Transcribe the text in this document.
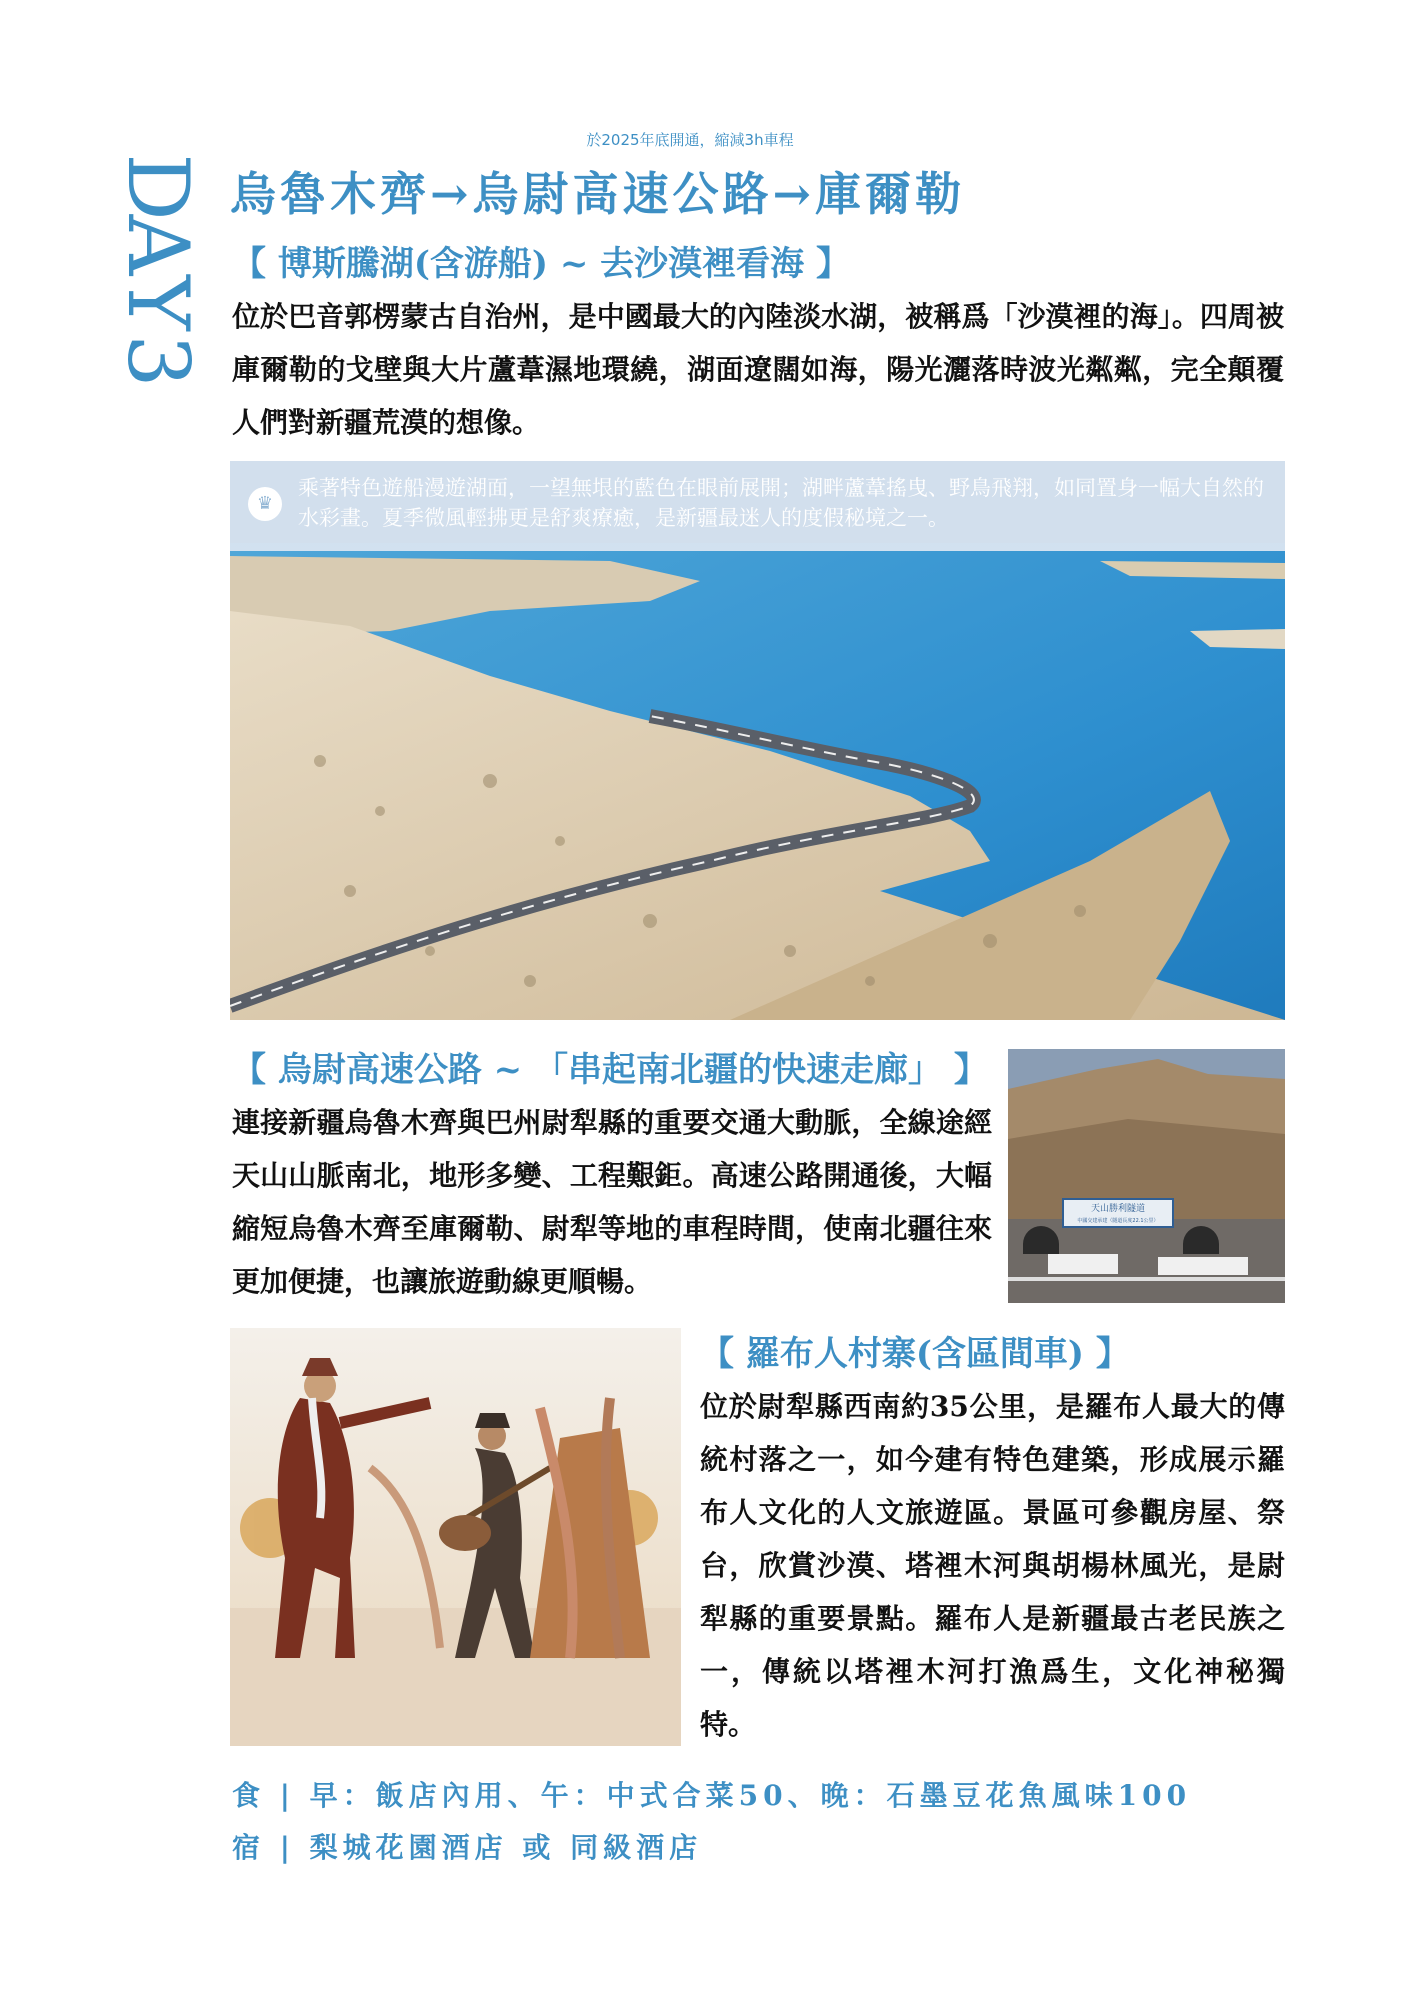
於2025年底開通，縮減3h車程
D
A
Y
3
烏魯木齊→烏尉高速公路→庫爾勒
【 博斯騰湖(含游船) ~ 去沙漠裡看海 】
位於巴音郭楞蒙古自治州，是中國最大的內陸淡水湖，被稱爲「沙漠裡的海」。四周被庫爾勒的戈壁與大片蘆葦濕地環繞，湖面遼闊如海，陽光灑落時波光粼粼，完全顛覆人們對新疆荒漠的想像。
♛
乘著特色遊船漫遊湖面，一望無垠的藍色在眼前展開；湖畔蘆葦搖曳、野鳥飛翔，如同置身一幅大自然的水彩畫。夏季微風輕拂更是舒爽療癒，是新疆最迷人的度假秘境之一。
【 烏尉高速公路 ~ 「串起南北疆的快速走廊」 】
連接新疆烏魯木齊與巴州尉犁縣的重要交通大動脈，全線途經天山山脈南北，地形多變、工程艱鉅。高速公路開通後，大幅縮短烏魯木齊至庫爾勒、尉犁等地的車程時間，使南北疆往來更加便捷，也讓旅遊動線更順暢。
天山勝利隧道
中國交建承建（隧道長度22.1公里）
【 羅布人村寨(含區間車) 】
位於尉犁縣西南約35公里，是羅布人最大的傳統村落之一，如今建有特色建築，形成展示羅布人文化的人文旅遊區。景區可參觀房屋、祭台，欣賞沙漠、塔裡木河與胡楊林風光，是尉犁縣的重要景點。羅布人是新疆最古老民族之一，傳統以塔裡木河打漁爲生，文化神秘獨特。
食 | 早：飯店內用、午：中式合菜50、晚：石墨豆花魚風味100
宿 | 梨城花園酒店 或 同級酒店
